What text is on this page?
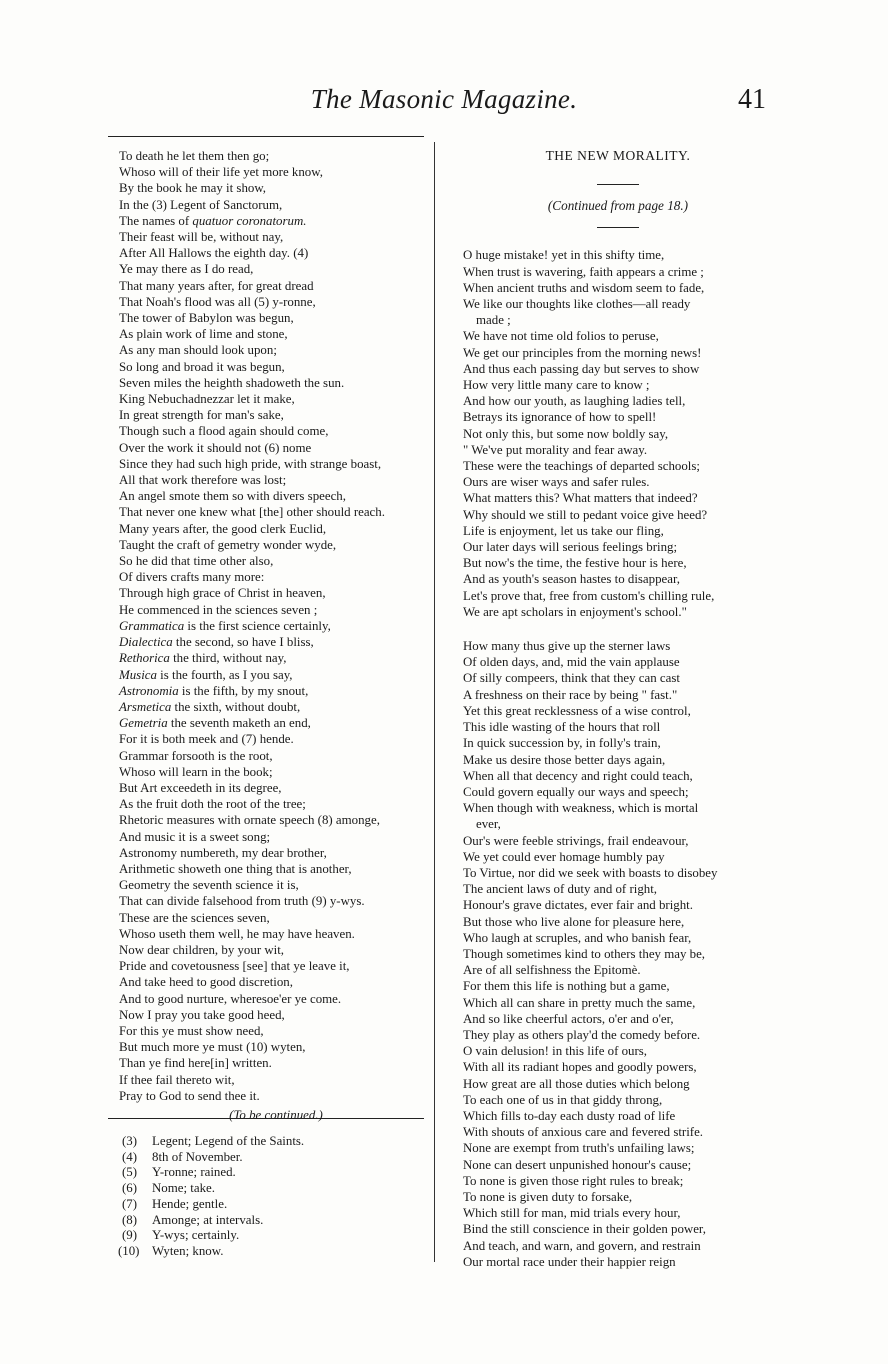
The Masonic Magazine.	41
To death he let them then go;
Whoso will of their life yet more know,
By the book he may it show,
In the (3) Legent of Sanctorum,
The names of quatuor coronatorum.
Their feast will be, without nay,
After All Hallows the eighth day. (4)
Ye may there as I do read,
That many years after, for great dread
That Noah's flood was all (5) y-ronne,
The tower of Babylon was begun,
As plain work of lime and stone,
As any man should look upon;
So long and broad it was begun,
Seven miles the heighth shadoweth the sun.
King Nebuchadnezzar let it make,
In great strength for man's sake,
Though such a flood again should come,
Over the work it should not (6) nome
Since they had such high pride, with strange boast,
All that work therefore was lost;
An angel smote them so with divers speech,
That never one knew what [the] other should reach.
Many years after, the good clerk Euclid,
Taught the craft of gemetry wonder wyde,
So he did that time other also,
Of divers crafts many more:
Through high grace of Christ in heaven,
He commenced in the sciences seven ;
Grammatica is the first science certainly,
Dialectica the second, so have I bliss,
Rethorica the third, without nay,
Musica is the fourth, as I you say,
Astronomia is the fifth, by my snout,
Arsmetica the sixth, without doubt,
Gemetria the seventh maketh an end,
For it is both meek and (7) hende.
Grammar forsooth is the root,
Whoso will learn in the book;
But Art exceedeth in its degree,
As the fruit doth the root of the tree;
Rhetoric measures with ornate speech (8) amonge,
And music it is a sweet song;
Astronomy numbereth, my dear brother,
Arithmetic showeth one thing that is another,
Geometry the seventh science it is,
That can divide falsehood from truth (9) y-wys.
These are the sciences seven,
Whoso useth them well, he may have heaven.
Now dear children, by your wit,
Pride and covetousness [see] that ye leave it,
And take heed to good discretion,
And to good nurture, wheresoe'er ye come.
Now I pray you take good heed,
For this ye must show need,
But much more ye must (10) wyten,
Than ye find here[in] written.
If thee fail thereto wit,
Pray to God to send thee it.
(To be continued.)
(3) Legent; Legend of the Saints.
(4) 8th of November.
(5) Y-ronne; rained.
(6) Nome; take.
(7) Hende; gentle.
(8) Amonge; at intervals.
(9) Y-wys; certainly.
(10) Wyten; know.
THE NEW MORALITY.
(Continued from page 18.)
O huge mistake! yet in this shifty time,
When trust is wavering, faith appears a crime ;
When ancient truths and wisdom seem to fade,
We like our thoughts like clothes—all ready
made ;
We have not time old folios to peruse,
We get our principles from the morning news!
And thus each passing day but serves to show
How very little many care to know ;
And how our youth, as laughing ladies tell,
Betrays its ignorance of how to spell!
Not only this, but some now boldly say,
" We've put morality and fear away.
These were the teachings of departed schools;
Ours are wiser ways and safer rules.
What matters this? What matters that indeed?
Why should we still to pedant voice give heed?
Life is enjoyment, let us take our fling,
Our later days will serious feelings bring;
But now's the time, the festive hour is here,
And as youth's season hastes to disappear,
Let's prove that, free from custom's chilling rule,
We are apt scholars in enjoyment's school."
How many thus give up the sterner laws
Of olden days, and, mid the vain applause
Of silly compeers, think that they can cast
A freshness on their race by being " fast."
Yet this great recklessness of a wise control,
This idle wasting of the hours that roll
In quick succession by, in folly's train,
Make us desire those better days again,
When all that decency and right could teach,
Could govern equally our ways and speech;
When though with weakness, which is mortal
ever,
Our's were feeble strivings, frail endeavour,
We yet could ever homage humbly pay
To Virtue, nor did we seek with boasts to disobey
The ancient laws of duty and of right,
Honour's grave dictates, ever fair and bright.
But those who live alone for pleasure here,
Who laugh at scruples, and who banish fear,
Though sometimes kind to others they may be,
Are of all selfishness the Epitomè.
For them this life is nothing but a game,
Which all can share in pretty much the same,
And so like cheerful actors, o'er and o'er,
They play as others play'd the comedy before.
O vain delusion! in this life of ours,
With all its radiant hopes and goodly powers,
How great are all those duties which belong
To each one of us in that giddy throng,
Which fills to-day each dusty road of life
With shouts of anxious care and fevered strife.
None are exempt from truth's unfailing laws;
None can desert unpunished honour's cause;
To none is given those right rules to break;
To none is given duty to forsake,
Which still for man, mid trials every hour,
Bind the still conscience in their golden power,
And teach, and warn, and govern, and restrain
Our mortal race under their happier reign
